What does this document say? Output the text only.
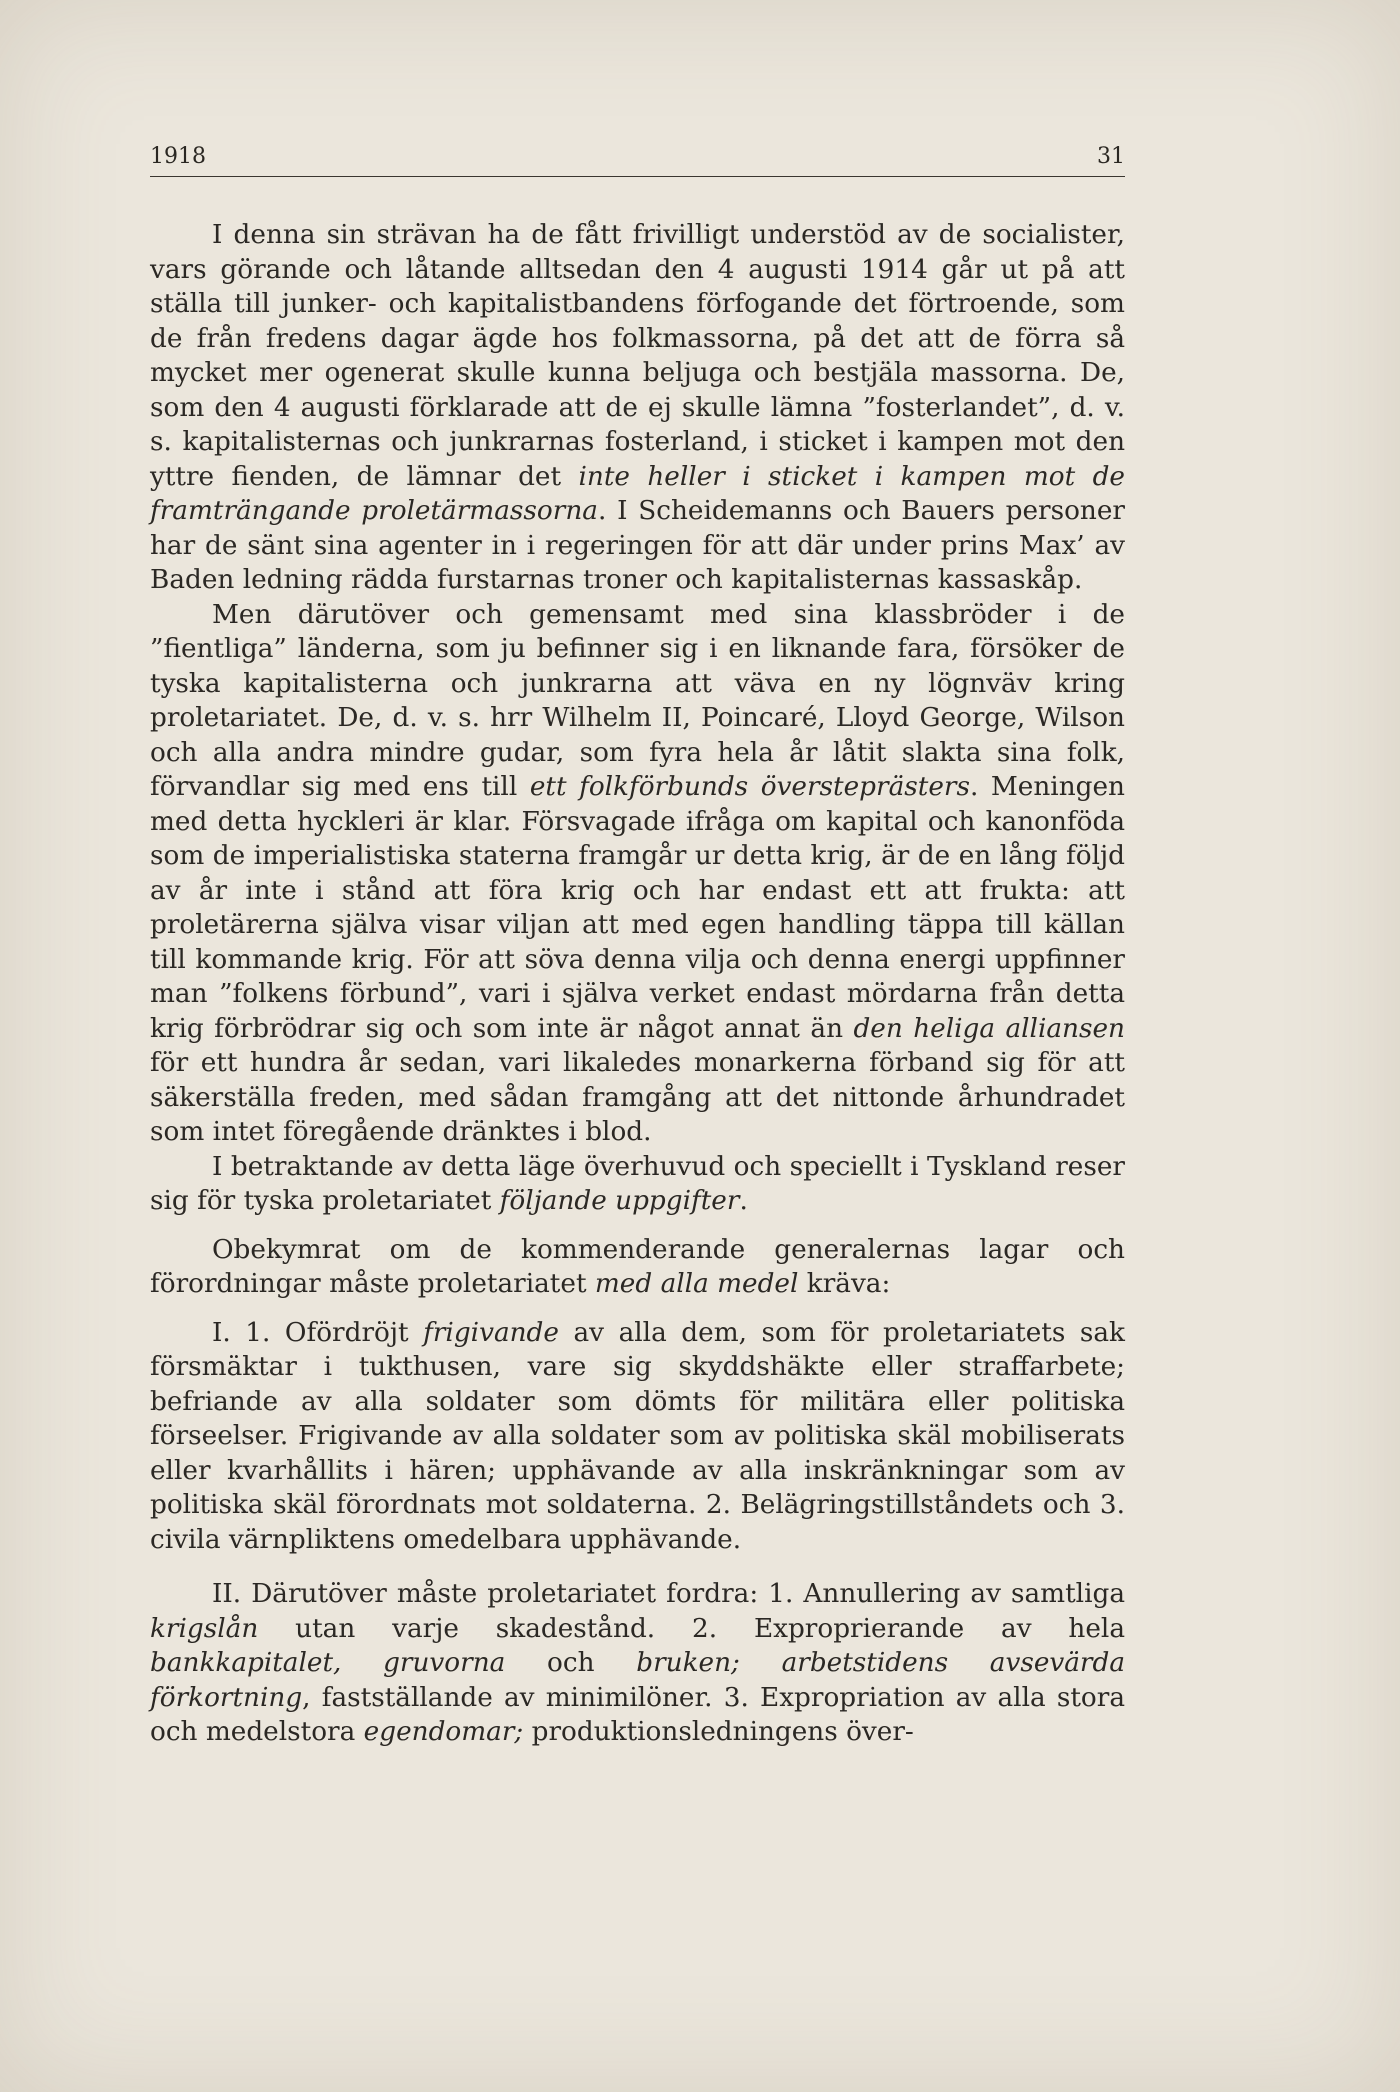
1918	31

I denna sin strävan ha de fått frivilligt understöd av de socialister, vars görande och låtande alltsedan den 4 augusti 1914 går ut på att ställa till junker- och kapitalistbandens förfogande det förtroende, som de från fredens dagar ägde hos folkmassorna, på det att de förra så mycket mer ogenerat skulle kunna beljuga och bestjäla massorna. De, som den 4 augusti förklarade att de ej skulle lämna ”fosterlandet”, d. v. s. kapitalisternas och junkrarnas fosterland, i sticket i kampen mot den yttre fienden, de lämnar det inte heller i sticket i kampen mot de framträngande proletärmassorna. I Scheidemanns och Bauers personer har de sänt sina agenter in i regeringen för att där under prins Max’ av Baden ledning rädda furstarnas troner och kapitalisternas kassaskåp.

Men därutöver och gemensamt med sina klassbröder i de ”fientliga” länderna, som ju befinner sig i en liknande fara, försöker de tyska kapitalisterna och junkrarna att väva en ny lögnväv kring proletariatet. De, d. v. s. hrr Wilhelm II, Poincaré, Lloyd George, Wilson och alla andra mindre gudar, som fyra hela år låtit slakta sina folk, förvandlar sig med ens till ett folkförbunds översteprästers. Meningen med detta hyckleri är klar. Försvagade ifråga om kapital och kanonföda som de imperialistiska staterna framgår ur detta krig, är de en lång följd av år inte i stånd att föra krig och har endast ett att frukta: att proletärerna själva visar viljan att med egen handling täppa till källan till kommande krig. För att söva denna vilja och denna energi uppfinner man ”folkens förbund”, vari i själva verket endast mördarna från detta krig förbrödrar sig och som inte är något annat än den heliga alliansen för ett hundra år sedan, vari likaledes monarkerna förband sig för att säkerställa freden, med sådan framgång att det nittonde århundradet som intet föregående dränktes i blod.

I betraktande av detta läge överhuvud och speciellt i Tyskland reser sig för tyska proletariatet följande uppgifter.

Obekymrat om de kommenderande generalernas lagar och förordningar måste proletariatet med alla medel kräva:

I. 1. Ofördröjt frigivande av alla dem, som för proletariatets sak försmäktar i tukthusen, vare sig skyddshäkte eller straffarbete; befriande av alla soldater som dömts för militära eller politiska förseelser. Frigivande av alla soldater som av politiska skäl mobiliserats eller kvarhållits i hären; upphävande av alla inskränkningar som av politiska skäl förordnats mot soldaterna. 2. Belägringstillståndets och 3. civila värnpliktens omedelbara upphävande.

II. Därutöver måste proletariatet fordra: 1. Annullering av samtliga krigslån utan varje skadestånd. 2. Exproprierande av hela bankkapitalet, gruvorna och bruken; arbetstidens avsevärda förkortning, fastställande av minimilöner. 3. Expropriation av alla stora och medelstora egendomar; produktionsledningens över-
